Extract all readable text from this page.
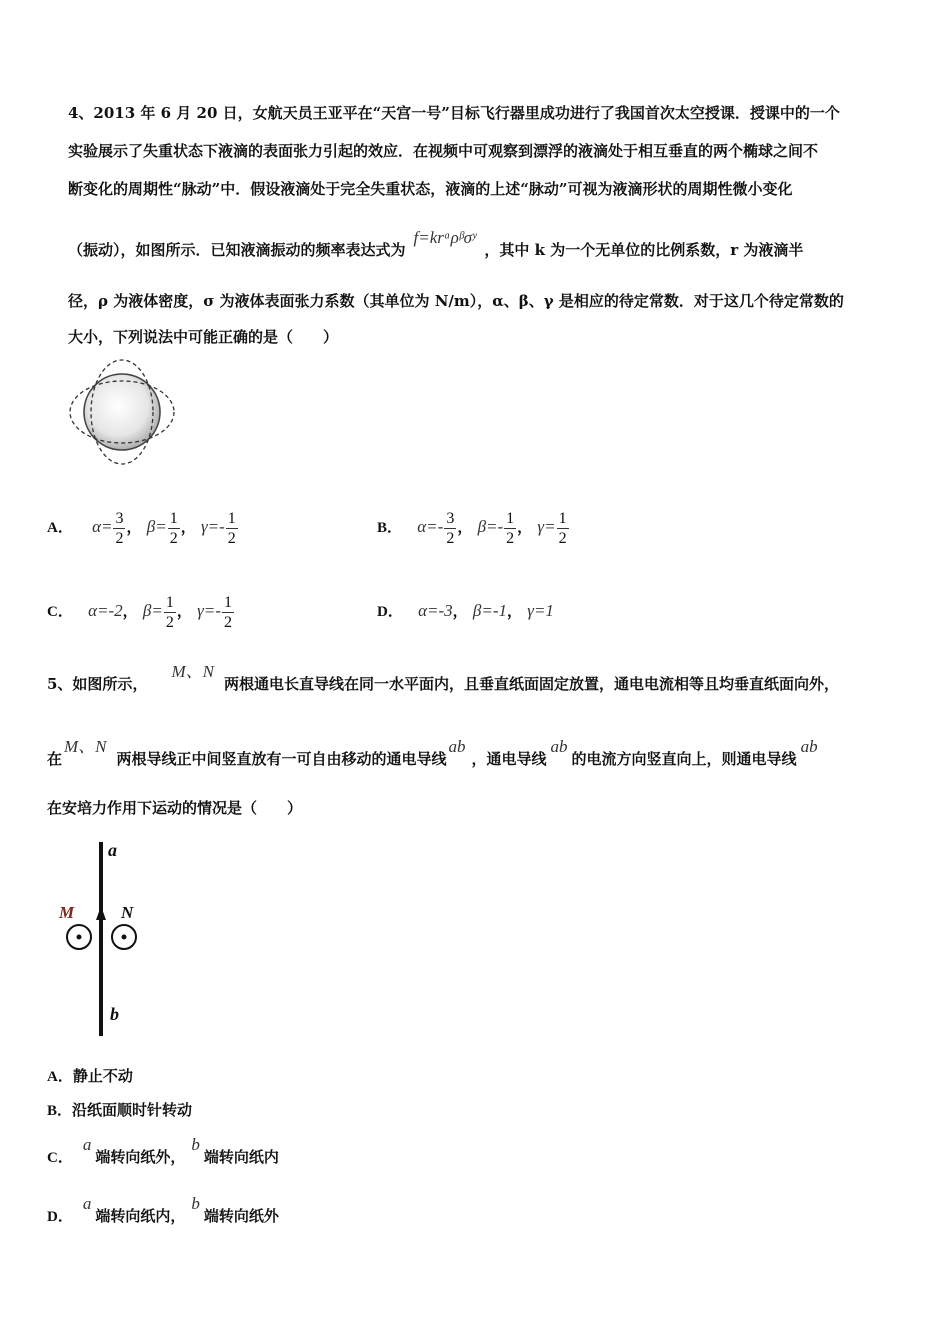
4、2013 年 6 月 20 日，女航天员王亚平在“天宫一号”目标飞行器里成功进行了我国首次太空授课．授课中的一个
实验展示了失重状态下液滴的表面张力引起的效应．在视频中可观察到漂浮的液滴处于相互垂直的两个椭球之间不
断变化的周期性“脉动”中．假设液滴处于完全失重状态，液滴的上述“脉动”可视为液滴形状的周期性微小变化
（振动），如图所示．已知液滴振动的频率表达式为f=krᵅρᵝσʸ，其中 k 为一个无单位的比例系数，r 为液滴半
径，ρ 为液体密度，σ 为液体表面张力系数（其单位为 N/m），α、β、γ 是相应的待定常数．对于这几个待定常数的
大小，下列说法中可能正确的是（　　）
A． $\alpha= \frac{3}{2}$ ， $\beta= \frac{1}{2}$ ， $\gamma=- \frac{1}{2}$	B． $\alpha=- \frac{3}{2}$ ， $\beta=- \frac{1}{2}$ ， $\gamma= \frac{1}{2}$
C． α=-2， $\beta= \frac{1}{2}$ ， $\gamma=- \frac{1}{2}$	D． α=-3， β=-1， γ=1
5、如图所示，M、N两根通电长直导线在同一水平面内，且垂直纸面固定放置，通电电流相等且均垂直纸面向外，
在M、N两根导线正中间竖直放有一可自由移动的通电导线ab，通电导线ab的电流方向竖直向上，则通电导线ab
在安培力作用下运动的情况是（　　）
a
b
M	N
A．静止不动
B．沿纸面顺时针转动
C．a端转向纸外，b端转向纸内
D．a端转向纸内，b端转向纸外
